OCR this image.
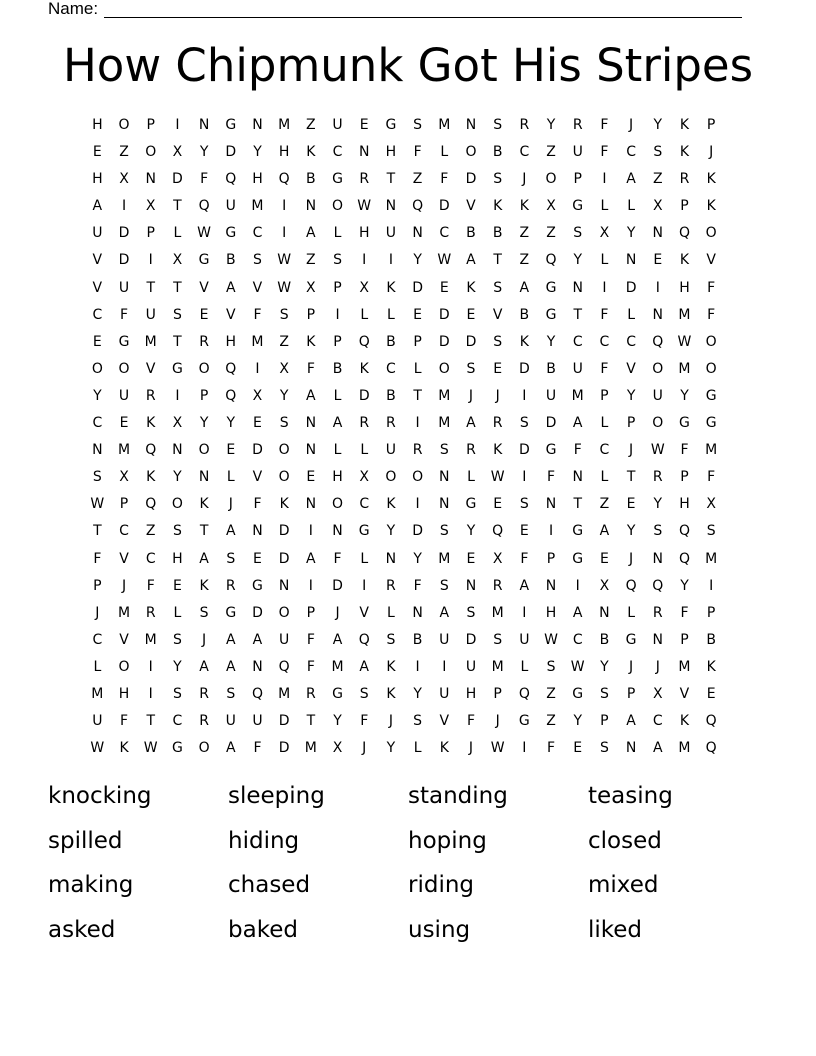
Name:
How Chipmunk Got His Stripes
H	O	P	I	N	G	N	M	Z	U	E	G	S	M	N	S	R	Y	R	F	J	Y	K	P
E	Z	O	X	Y	D	Y	H	K	C	N	H	F	L	O	B	C	Z	U	F	C	S	K	J
H	X	N	D	F	Q	H	Q	B	G	R	T	Z	F	D	S	J	O	P	I	A	Z	R	K
A	I	X	T	Q	U	M	I	N	O	W	N	Q	D	V	K	K	X	G	L	L	X	P	K
U	D	P	L	W	G	C	I	A	L	H	U	N	C	B	B	Z	Z	S	X	Y	N	Q	O
V	D	I	X	G	B	S	W	Z	S	I	I	Y	W	A	T	Z	Q	Y	L	N	E	K	V
V	U	T	T	V	A	V	W	X	P	X	K	D	E	K	S	A	G	N	I	D	I	H	F
C	F	U	S	E	V	F	S	P	I	L	L	E	D	E	V	B	G	T	F	L	N	M	F
E	G	M	T	R	H	M	Z	K	P	Q	B	P	D	D	S	K	Y	C	C	C	Q	W	O
O	O	V	G	O	Q	I	X	F	B	K	C	L	O	S	E	D	B	U	F	V	O	M	O
Y	U	R	I	P	Q	X	Y	A	L	D	B	T	M	J	J	I	U	M	P	Y	U	Y	G
C	E	K	X	Y	Y	E	S	N	A	R	R	I	M	A	R	S	D	A	L	P	O	G	G
N	M	Q	N	O	E	D	O	N	L	L	U	R	S	R	K	D	G	F	C	J	W	F	M
S	X	K	Y	N	L	V	O	E	H	X	O	O	N	L	W	I	F	N	L	T	R	P	F
W	P	Q	O	K	J	F	K	N	O	C	K	I	N	G	E	S	N	T	Z	E	Y	H	X
T	C	Z	S	T	A	N	D	I	N	G	Y	D	S	Y	Q	E	I	G	A	Y	S	Q	S
F	V	C	H	A	S	E	D	A	F	L	N	Y	M	E	X	F	P	G	E	J	N	Q	M
P	J	F	E	K	R	G	N	I	D	I	R	F	S	N	R	A	N	I	X	Q	Q	Y	I
J	M	R	L	S	G	D	O	P	J	V	L	N	A	S	M	I	H	A	N	L	R	F	P
C	V	M	S	J	A	A	U	F	A	Q	S	B	U	D	S	U	W	C	B	G	N	P	B
L	O	I	Y	A	A	N	Q	F	M	A	K	I	I	U	M	L	S	W	Y	J	J	M	K
M	H	I	S	R	S	Q	M	R	G	S	K	Y	U	H	P	Q	Z	G	S	P	X	V	E
U	F	T	C	R	U	U	D	T	Y	F	J	S	V	F	J	G	Z	Y	P	A	C	K	Q
W	K	W	G	O	A	F	D	M	X	J	Y	L	K	J	W	I	F	E	S	N	A	M	Q
knocking	sleeping	standing	teasing
spilled	hiding	hoping	closed
making	chased	riding	mixed
asked	baked	using	liked
